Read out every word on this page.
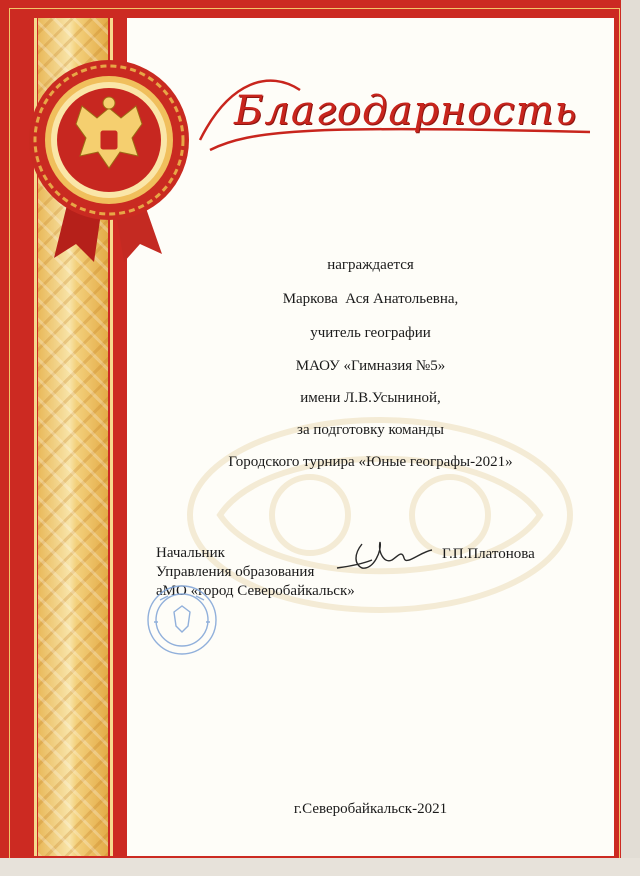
Благодарность
награждается
Маркова  Ася Анатольевна,
учитель географии
МАОУ «Гимназия №5»
имени Л.В.Усыниной,
за подготовку команды
Городского турнира «Юные географы-2021»
Начальник
Управления образования
аМО «город Северобайкальск»
Г.П.Платонова
г.Северобайкальск-2021
